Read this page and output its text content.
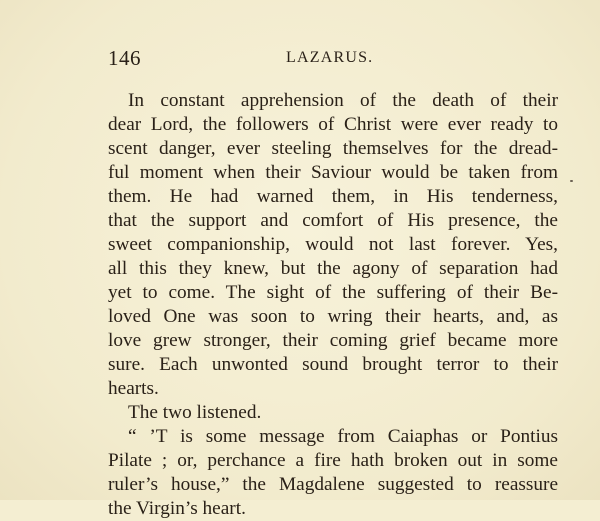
146	LAZARUS.
In constant apprehension of the death of their
dear Lord, the followers of Christ were ever ready to
scent danger, ever steeling themselves for the dread-
ful moment when their Saviour would be taken from
them. He had warned them, in His tenderness,
that the support and comfort of His presence, the
sweet companionship, would not last forever. Yes,
all this they knew, but the agony of separation had
yet to come. The sight of the suffering of their Be-
loved One was soon to wring their hearts, and, as
love grew stronger, their coming grief became more
sure. Each unwonted sound brought terror to their
hearts.
The two listened.
“ ’T is some message from Caiaphas or Pontius
Pilate ; or, perchance a fire hath broken out in some
ruler’s house,” the Magdalene suggested to reassure
the Virgin’s heart.
